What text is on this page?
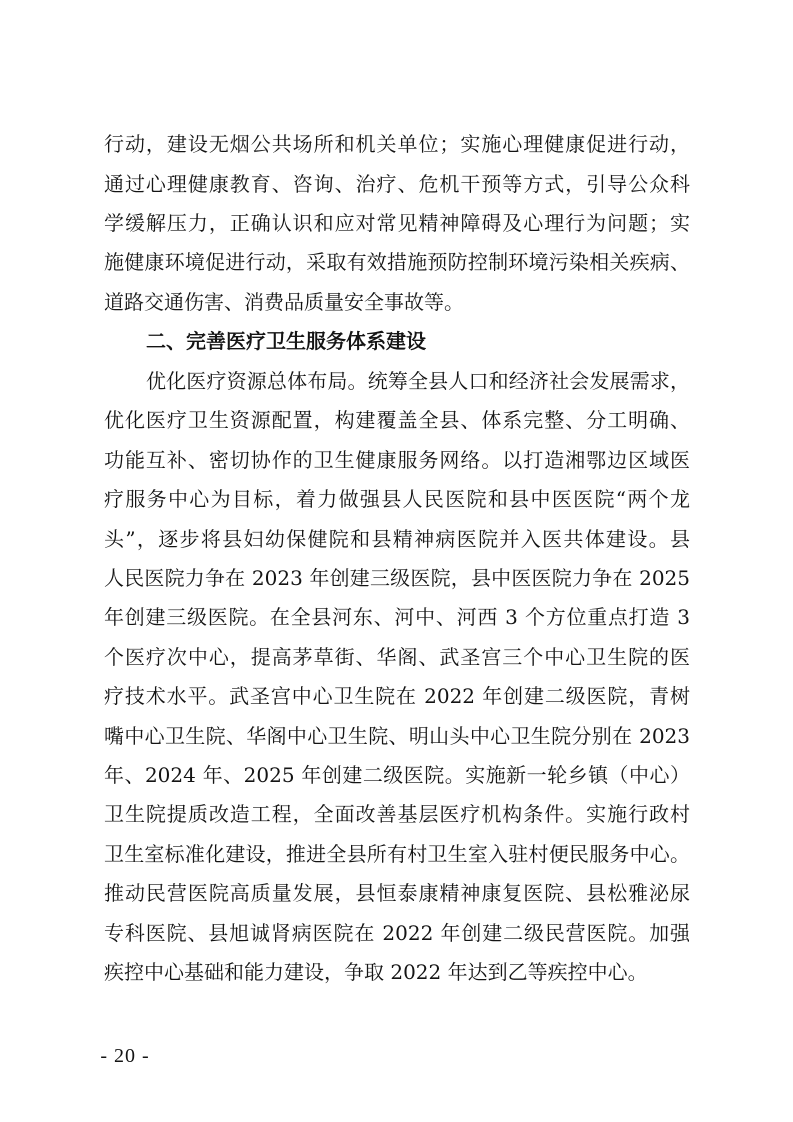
行动，建设无烟公共场所和机关单位；实施心理健康促进行动，
通过心理健康教育、咨询、治疗、危机干预等方式，引导公众科
学缓解压力，正确认识和应对常见精神障碍及心理行为问题；实
施健康环境促进行动，采取有效措施预防控制环境污染相关疾病、
道路交通伤害、消费品质量安全事故等。
二、完善医疗卫生服务体系建设
优化医疗资源总体布局。统筹全县人口和经济社会发展需求，
优化医疗卫生资源配置，构建覆盖全县、体系完整、分工明确、
功能互补、密切协作的卫生健康服务网络。以打造湘鄂边区域医
疗服务中心为目标，着力做强县人民医院和县中医医院“两个龙
头”，逐步将县妇幼保健院和县精神病医院并入医共体建设。县
人民医院力争在 2023 年创建三级医院，县中医医院力争在 2025
年创建三级医院。在全县河东、河中、河西 3 个方位重点打造 3
个医疗次中心，提高茅草街、华阁、武圣宫三个中心卫生院的医
疗技术水平。武圣宫中心卫生院在 2022 年创建二级医院，青树
嘴中心卫生院、华阁中心卫生院、明山头中心卫生院分别在 2023
年、2024 年、2025 年创建二级医院。实施新一轮乡镇（中心）
卫生院提质改造工程，全面改善基层医疗机构条件。实施行政村
卫生室标准化建设，推进全县所有村卫生室入驻村便民服务中心。
推动民营医院高质量发展，县恒泰康精神康复医院、县松雅泌尿
专科医院、县旭诚肾病医院在 2022 年创建二级民营医院。加强
疾控中心基础和能力建设，争取 2022 年达到乙等疾控中心。
- 20 -
